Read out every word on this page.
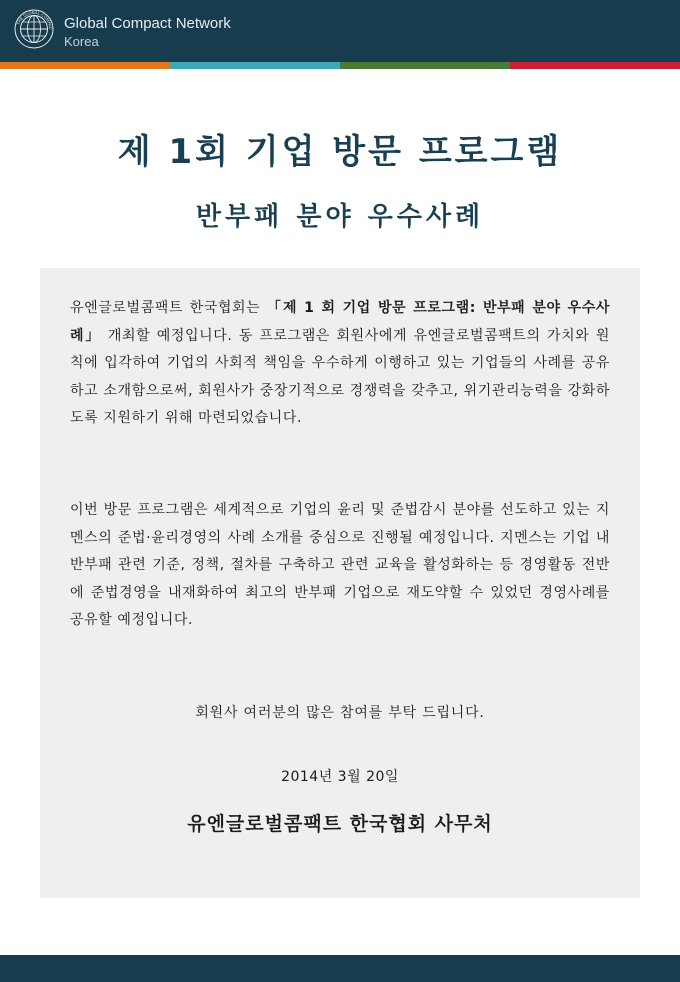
THE GLOBAL COMPAC Global Compact Network
Korea
제 1회 기업 방문 프로그램
반부패 분야 우수사례

유엔글로벌콤팩트 한국협회는 「제 1 회 기업 방문 프로그램: 반부패 분야 우수사례」 개최할 예정입니다. 동 프로그램은 회원사에게 유엔글로벌콤팩트의 가치와 원칙에 입각하여 기업의 사회적 책임을 우수하게 이행하고 있는 기업들의 사례를 공유하고 소개함으로써, 회원사가 중장기적으로 경쟁력을 갖추고, 위기관리능력을 강화하도록 지원하기 위해 마련되었습니다.

이번 방문 프로그램은 세계적으로 기업의 윤리 및 준법감시 분야를 선도하고 있는 지멘스의 준법·윤리경영의 사례 소개를 중심으로 진행될 예정입니다. 지멘스는 기업 내 반부패 관련 기준, 정책, 절차를 구축하고 관련 교육을 활성화하는 등 경영활동 전반에 준법경영을 내재화하여 최고의 반부패 기업으로 재도약할 수 있었던 경영사례를 공유할 예정입니다.

회원사 여러분의 많은 참여를 부탁 드립니다.
2014년 3월 20일
유엔글로벌콤팩트 한국협회 사무처
